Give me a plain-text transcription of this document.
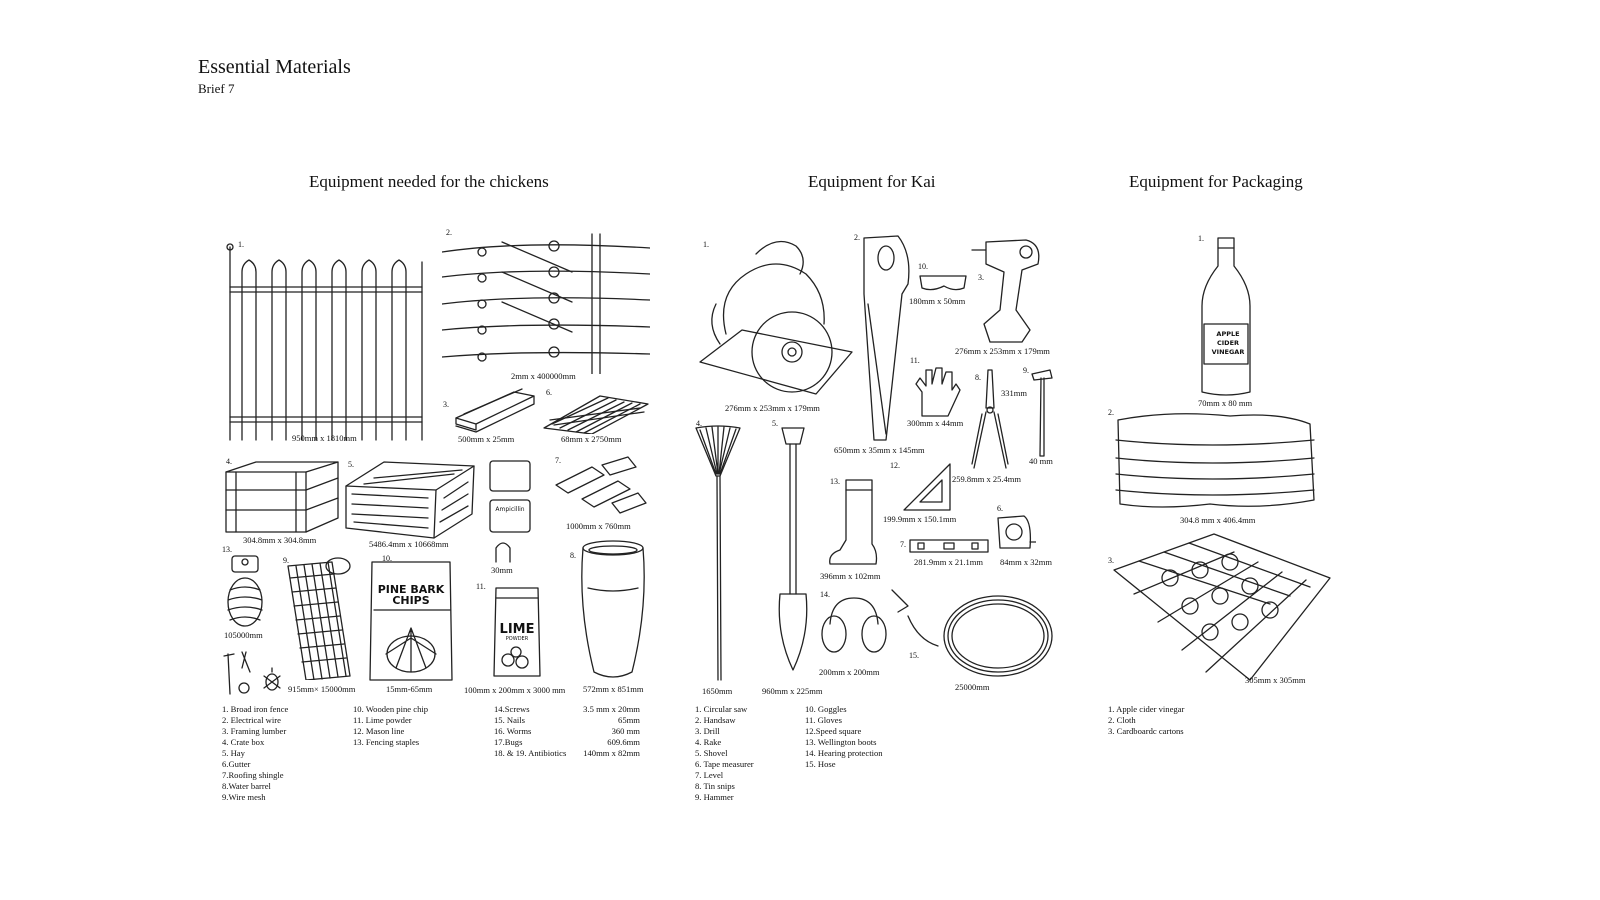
Essential Materials
Brief 7
Equipment needed for the chickens	Equipment for Kai	Equipment for Packaging
1.
950mm x 1810mm
2.
2mm x 400000mm
3.
500mm x 25mm
6.
68mm x 2750mm
4.
304.8mm x 304.8mm
5.
5486.4mm x 10668mm
Ampicillin
7.
1000mm x 760mm
13.
105000mm
9.
915mm× 15000mm
10.
PINE BARK CHIPS
15mm-65mm
30mm
11.
LIME
POWDER
100mm x 200mm x 3000 mm
8.
572mm x 851mm
1. Broad iron fence
2. Electrical wire
3. Framing lumber
4. Crate box
5. Hay
6.Gutter
7.Roofing shingle
8.Water barrel
9.Wire mesh
10. Wooden pine chip
11. Lime powder
12. Mason line
13. Fencing staples
14.Screws
15. Nails
16. Worms
17.Bugs
18. & 19. Antibiotics
3.5 mm x 20mm
65mm
360 mm
609.6mm
140mm x 82mm
1.
276mm x 253mm x 179mm
2.
650mm x 35mm x 145mm
10.
180mm x 50mm
3.
276mm x 253mm x 179mm
11.
300mm x 44mm
8.
331mm
9.
40 mm
4.
1650mm
5.
960mm x 225mm
12.
259.8mm x 25.4mm
199.9mm x 150.1mm
13.
396mm x 102mm
6.
84mm x 32mm
7.
281.9mm x 21.1mm
14.
200mm x 200mm
15.
25000mm
1. Circular saw
2. Handsaw
3. Drill
4. Rake
5. Shovel
6. Tape measurer
7. Level
8. Tin snips
9. Hammer
10. Goggles
11. Gloves
12.Speed square
13. Wellington boots
14. Hearing protection
15. Hose
1.
APPLE CIDER VINEGAR
70mm x 80 mm
2.
304.8 mm x 406.4mm
3.
305mm x 305mm
1. Apple cider vinegar
2. Cloth
3. Cardboardc cartons
